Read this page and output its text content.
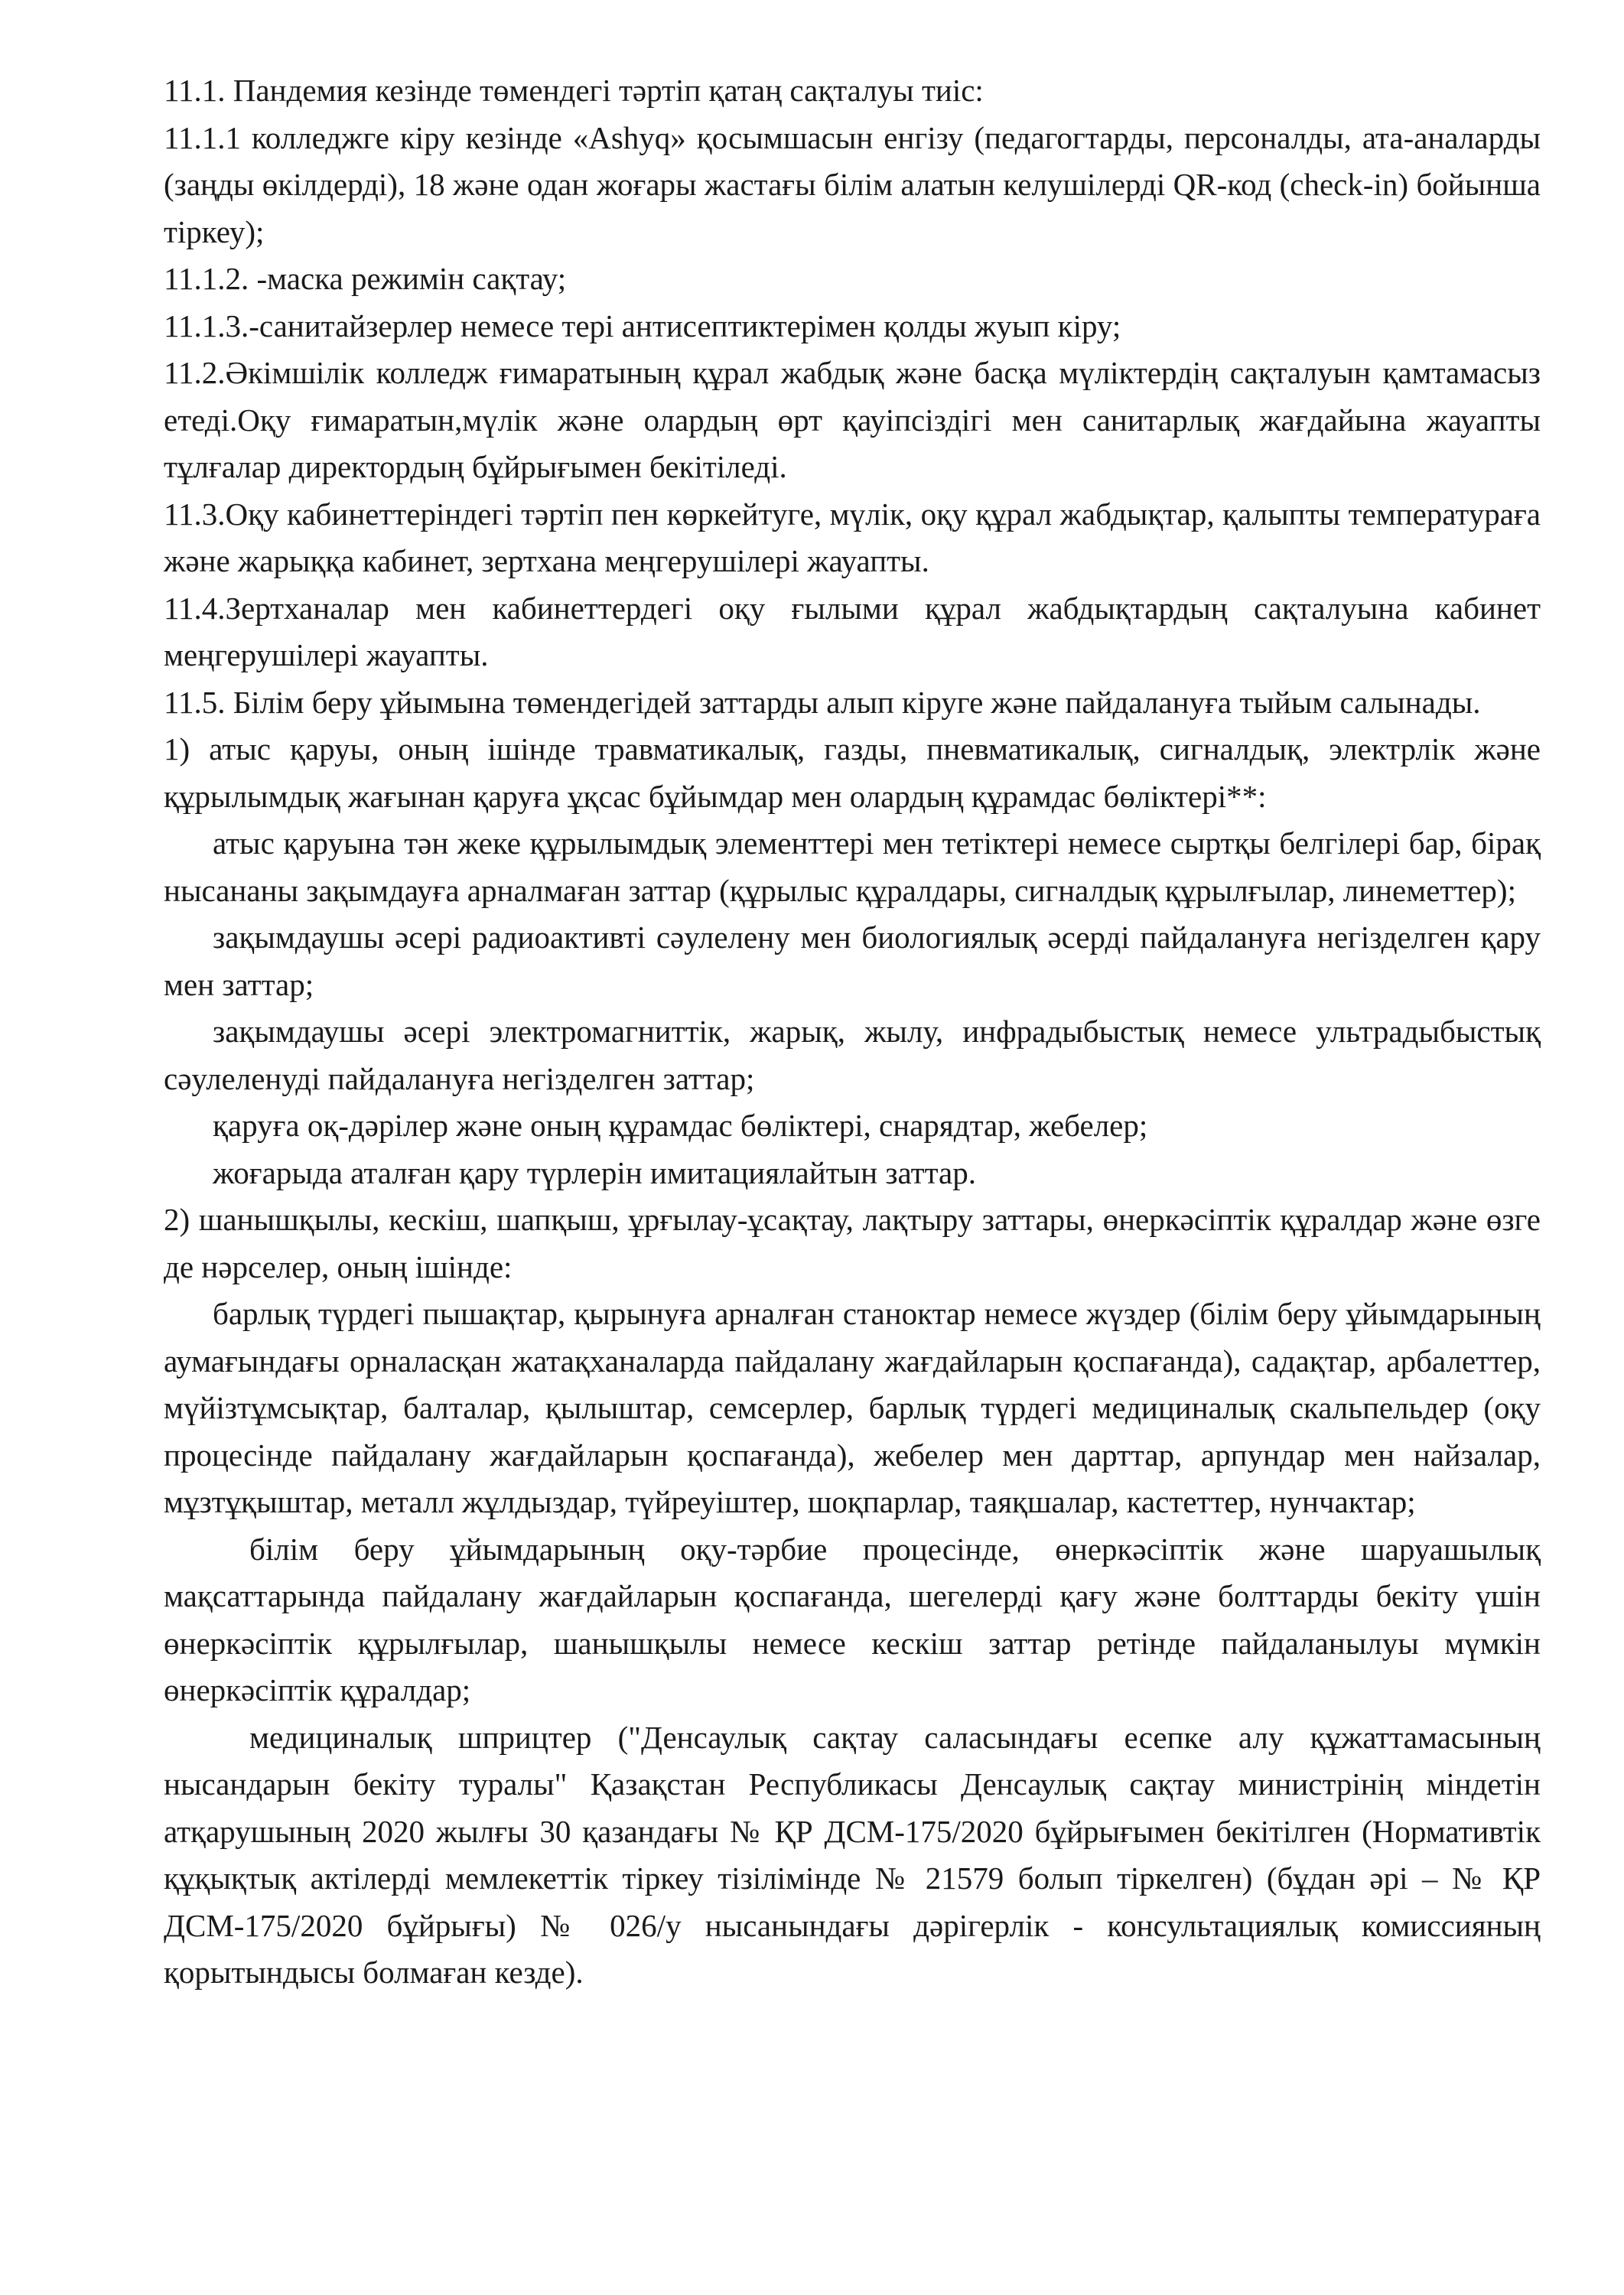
11.1. Пандемия кезінде төмендегі тәртіп қатаң сақталуы тиіс:

11.1.1 колледжге кіру кезінде «Ashyq» қосымшасын енгізу (педагогтарды, персоналды, ата-аналарды (заңды өкілдерді), 18 және одан жоғары жастағы білім алатын келушілерді QR-код (check-in) бойынша тіркеу);

11.1.2. -маска режимін сақтау;

11.1.3.-санитайзерлер немесе тері антисептиктерімен қолды жуып кіру;

11.2.Әкімшілік колледж ғимаратының құрал жабдық және басқа мүліктердің сақталуын қамтамасыз етеді.Оқу ғимаратын,мүлік және олардың өрт қауіпсіздігі мен санитарлық жағдайына жауапты тұлғалар директордың бұйрығымен бекітіледі.

11.3.Оқу кабинеттеріндегі тәртіп пен көркейтуге, мүлік, оқу құрал жабдықтар, қалыпты температураға және жарыққа кабинет, зертхана меңгерушілері жауапты.

11.4.Зертханалар мен кабинеттердегі оқу ғылыми құрал жабдықтардың сақталуына кабинет меңгерушілері жауапты.

11.5. Білім беру ұйымына төмендегідей заттарды алып кіруге және пайдалануға тыйым салынады.

1) атыс қаруы, оның ішінде травматикалық, газды, пневматикалық, сигналдық, электрлік және құрылымдық жағынан қаруға ұқсас бұйымдар мен олардың құрамдас бөліктері**:

атыс қаруына тән жеке құрылымдық элементтері мен тетіктері немесе сыртқы белгілері бар, бірақ нысананы зақымдауға арналмаған заттар (құрылыс құралдары, сигналдық құрылғылар, линеметтер);

зақымдаушы әсері радиоактивті сәулелену мен биологиялық әсерді пайдалануға негізделген қару мен заттар;

зақымдаушы әсері электромагниттік, жарық, жылу, инфрадыбыстық немесе ультрадыбыстық сәулеленуді пайдалануға негізделген заттар;

қаруға оқ-дәрілер және оның құрамдас бөліктері, снарядтар, жебелер;

жоғарыда аталған қару түрлерін имитациялайтын заттар.

2) шанышқылы, кескіш, шапқыш, ұрғылау-ұсақтау, лақтыру заттары, өнеркәсіптік құралдар және өзге де нәрселер, оның ішінде:

барлық түрдегі пышақтар, қырынуға арналған станоктар немесе жүздер (білім беру ұйымдарының аумағындағы орналасқан жатақханаларда пайдалану жағдайларын қоспағанда), садақтар, арбалеттер, мүйізтұмсықтар, балталар, қылыштар, семсерлер, барлық түрдегі медициналық скальпельдер (оқу процесінде пайдалану жағдайларын қоспағанда), жебелер мен дарттар, арпундар мен найзалар, мұзтұқыштар, металл жұлдыздар, түйреуіштер, шоқпарлар, таяқшалар, кастеттер, нунчактар;

білім беру ұйымдарының оқу-тәрбие процесінде, өнеркәсіптік және шаруашылық мақсаттарында пайдалану жағдайларын қоспағанда, шегелерді қағу және болттарды бекіту үшін өнеркәсіптік құрылғылар, шанышқылы немесе кескіш заттар ретінде пайдаланылуы мүмкін өнеркәсіптік құралдар;

медициналық шприцтер ("Денсаулық сақтау саласындағы есепке алу құжаттамасының нысандарын бекіту туралы" Қазақстан Республикасы Денсаулық сақтау министрінің міндетін атқарушының 2020 жылғы 30 қазандағы № ҚР ДСМ-175/2020 бұйрығымен бекітілген (Нормативтік құқықтық актілерді мемлекеттік тіркеу тізілімінде № 21579 болып тіркелген) (бұдан әрі – № ҚР ДСМ-175/2020 бұйрығы) № 026/у нысанындағы дәрігерлік - консультациялық комиссияның қорытындысы болмаған кезде).
